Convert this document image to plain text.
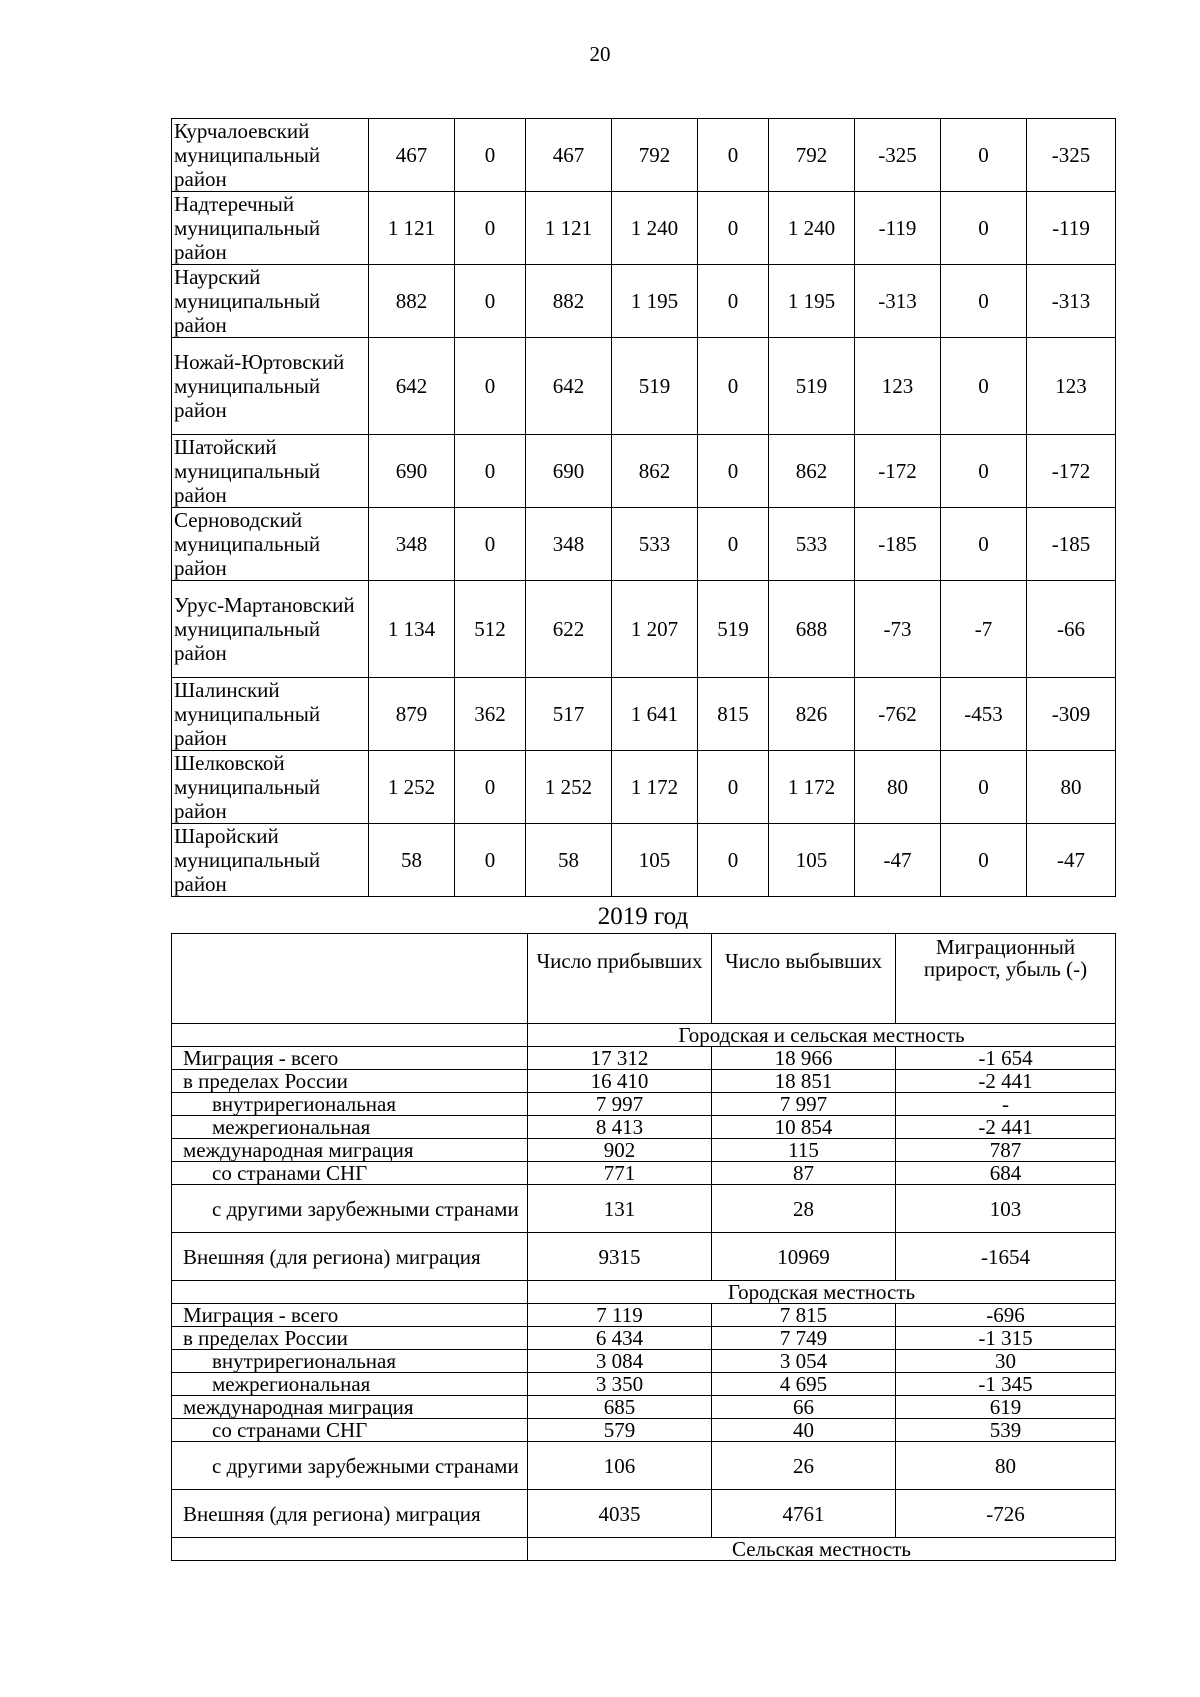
20
Курчалоевский муниципальный район	467	0	467	792	0	792	-325	0	-325
Надтеречный муниципальный район	1 121	0	1 121	1 240	0	1 240	-119	0	-119
Наурский муниципальный район	882	0	882	1 195	0	1 195	-313	0	-313
Ножай-Юртовский муниципальный район	642	0	642	519	0	519	123	0	123
Шатойский муниципальный район	690	0	690	862	0	862	-172	0	-172
Серноводский муниципальный район	348	0	348	533	0	533	-185	0	-185
Урус-Мартановский муниципальный район	1 134	512	622	1 207	519	688	-73	-7	-66
Шалинский муниципальный район	879	362	517	1 641	815	826	-762	-453	-309
Шелковской муниципальный район	1 252	0	1 252	1 172	0	1 172	80	0	80
Шаройский муниципальный район	58	0	58	105	0	105	-47	0	-47
2019 год
	Число прибывших	Число выбывших	Миграционный прирост, убыль (-)
	Городская и сельская местность		
Миграция - всего	17 312	18 966	-1 654
в пределах России	16 410	18 851	-2 441
внутрирегиональная	7 997	7 997	-
межрегиональная	8 413	10 854	-2 441
международная миграция	902	115	787
со странами СНГ	771	87	684
с другими зарубежными странами	131	28	103
Внешняя (для региона) миграция	9315	10969	-1654
	Городская местность		
Миграция - всего	7 119	7 815	-696
в пределах России	6 434	7 749	-1 315
внутрирегиональная	3 084	3 054	30
межрегиональная	3 350	4 695	-1 345
международная миграция	685	66	619
со странами СНГ	579	40	539
с другими зарубежными странами	106	26	80
Внешняя (для региона) миграция	4035	4761	-726
	Сельская местность		
